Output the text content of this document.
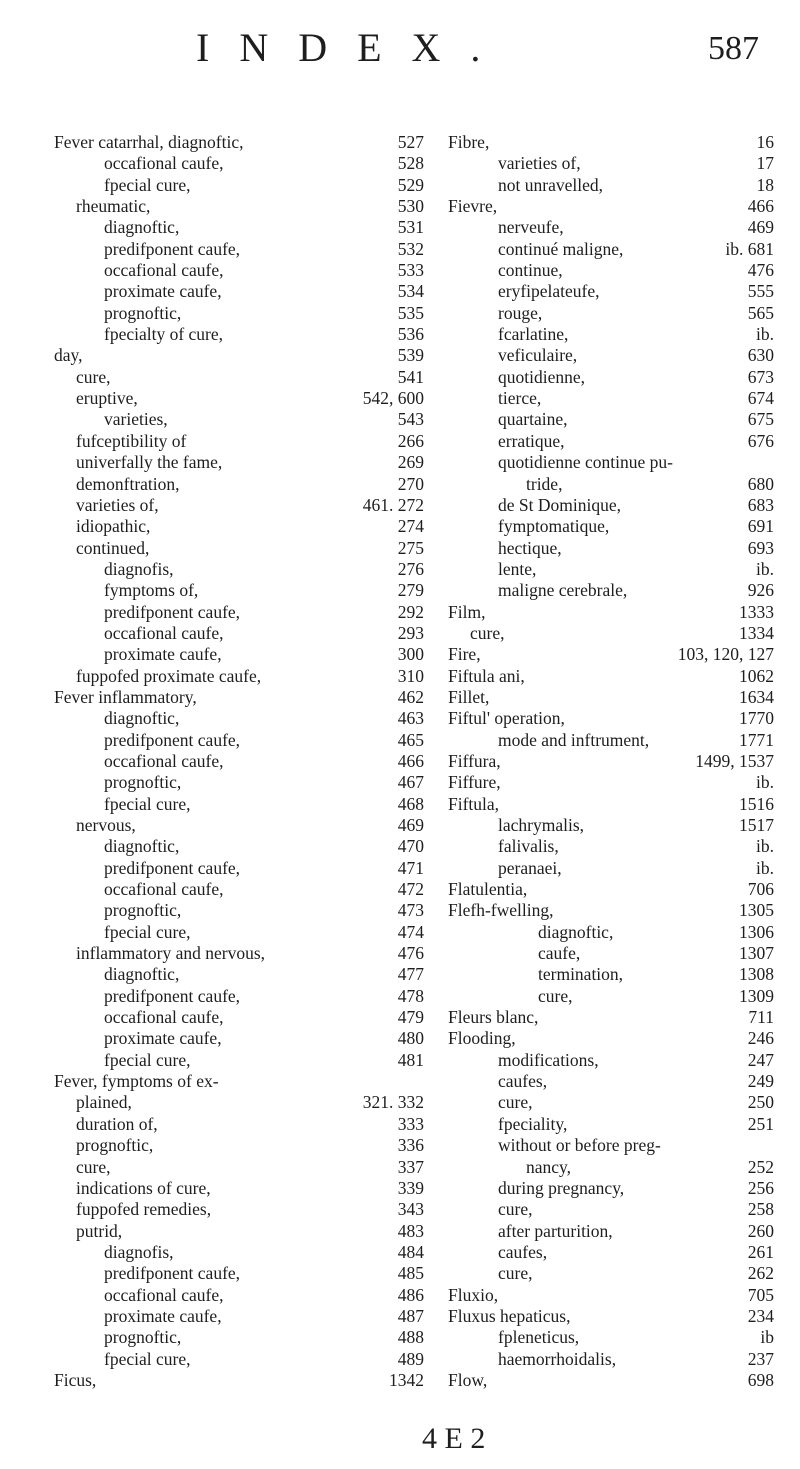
INDEX.	587
Fever catarrhal, diagnoftic,	527
occafional caufe,	528
fpecial cure,	529
rheumatic,	530
diagnoftic,	531
predifponent caufe,	532
occafional caufe,	533
proximate caufe,	534
prognoftic,	535
fpecialty of cure,	536
day,	539
cure,	541
eruptive,	542, 600
varieties,	543
fufceptibility of	266
univerfally the fame,	269
demonftration,	270
varieties of,	461. 272
idiopathic,	274
continued,	275
diagnofis,	276
fymptoms of,	279
predifponent caufe,	292
occafional caufe,	293
proximate caufe,	300
fuppofed proximate caufe,	310
Fever inflammatory,	462
diagnoftic,	463
predifponent caufe,	465
occafional caufe,	466
prognoftic,	467
fpecial cure,	468
nervous,	469
diagnoftic,	470
predifponent caufe,	471
occafional caufe,	472
prognoftic,	473
fpecial cure,	474
inflammatory and nervous,	476
diagnoftic,	477
predifponent caufe,	478
occafional caufe,	479
proximate caufe,	480
fpecial cure,	481
Fever, fymptoms of ex-
plained,	321. 332
duration of,	333
prognoftic,	336
cure,	337
indications of cure,	339
fuppofed remedies,	343
putrid,	483
diagnofis,	484
predifponent caufe,	485
occafional caufe,	486
proximate caufe,	487
prognoftic,	488
fpecial cure,	489
Ficus,	1342
Fibre,	16
varieties of,	17
not unravelled,	18
Fievre,	466
nerveufe,	469
continué maligne,	ib. 681
continue,	476
eryfipelateufe,	555
rouge,	565
fcarlatine,	ib.
veficulaire,	630
quotidienne,	673
tierce,	674
quartaine,	675
erratique,	676
quotidienne continue pu-
tride,	680
de St Dominique,	683
fymptomatique,	691
hectique,	693
lente,	ib.
maligne cerebrale,	926
Film,	1333
cure,	1334
Fire,	103, 120, 127
Fiftula ani,	1062
Fillet,	1634
Fiftul' operation,	1770
mode and inftrument,	1771
Fiffura,	1499, 1537
Fiffure,	ib.
Fiftula,	1516
lachrymalis,	1517
falivalis,	ib.
peranaei,	ib.
Flatulentia,	706
Flefh-fwelling,	1305
diagnoftic,	1306
caufe,	1307
termination,	1308
cure,	1309
Fleurs blanc,	711
Flooding,	246
modifications,	247
caufes,	249
cure,	250
fpeciality,	251
without or before preg-
nancy,	252
during pregnancy,	256
cure,	258
after parturition,	260
caufes,	261
cure,	262
Fluxio,	705
Fluxus hepaticus,	234
fpleneticus,	ib
haemorrhoidalis,	237
Flow,	698
4 E 2
